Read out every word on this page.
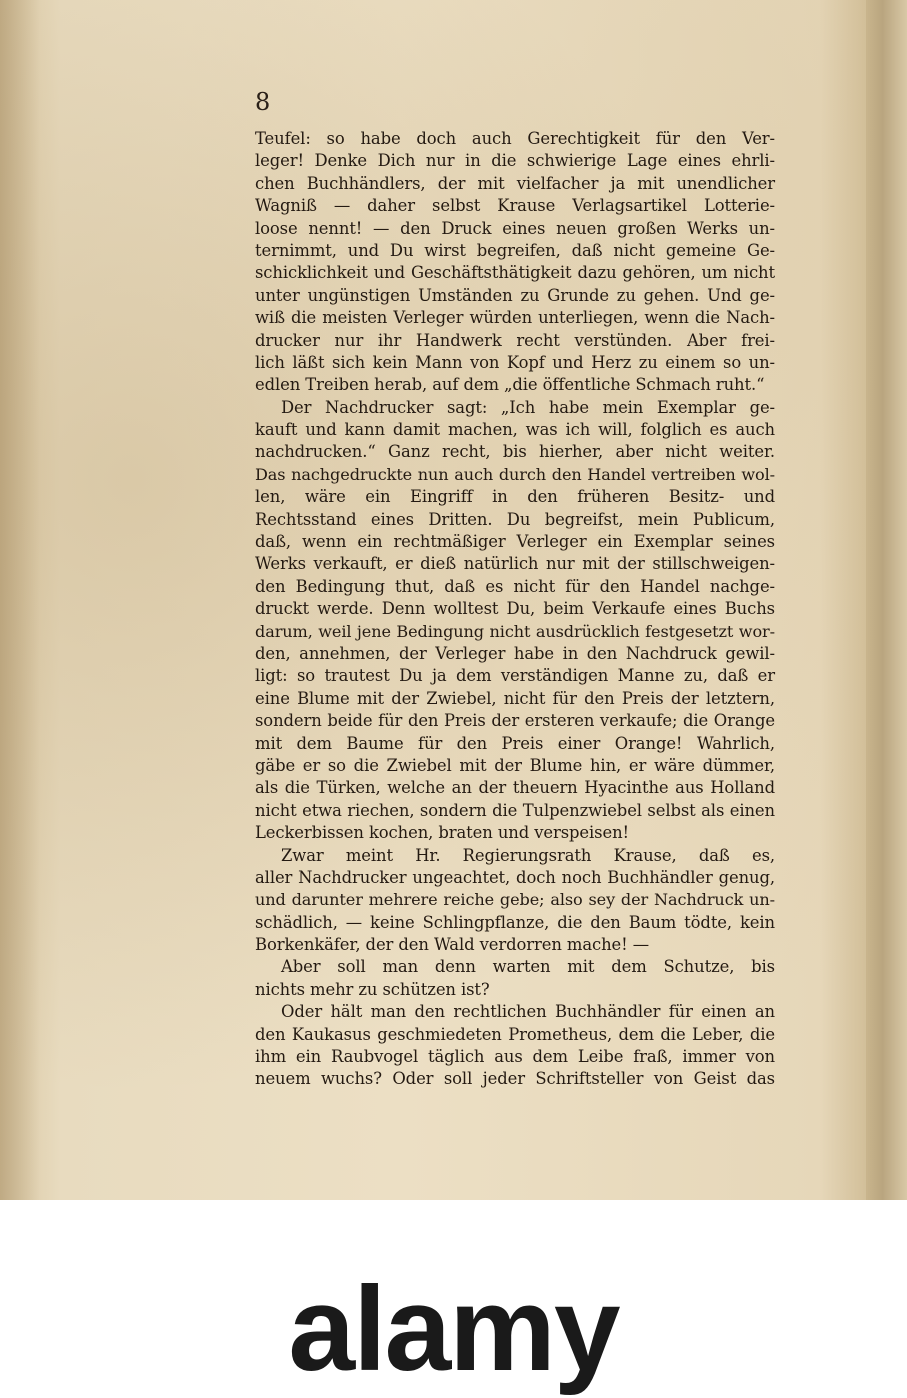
8
Teufel: so habe doch auch Gerechtigkeit für den Ver-
leger! Denke Dich nur in die schwierige Lage eines ehrli-
chen Buchhändlers, der mit vielfacher ja mit unendlicher
Wagniß — daher selbst Krause Verlagsartikel Lotterie-
loose nennt! — den Druck eines neuen großen Werks un-
ternimmt, und Du wirst begreifen, daß nicht gemeine Ge-
schicklichkeit und Geschäftsthätigkeit dazu gehören, um nicht
unter ungünstigen Umständen zu Grunde zu gehen. Und ge-
wiß die meisten Verleger würden unterliegen, wenn die Nach-
drucker nur ihr Handwerk recht verstünden. Aber frei-
lich läßt sich kein Mann von Kopf und Herz zu einem so un-
edlen Treiben herab, auf dem „die öffentliche Schmach ruht.“
Der Nachdrucker sagt: „Ich habe mein Exemplar ge-
kauft und kann damit machen, was ich will, folglich es auch
nachdrucken.“ Ganz recht, bis hierher, aber nicht weiter.
Das nachgedruckte nun auch durch den Handel vertreiben wol-
len, wäre ein Eingriff in den früheren Besitz- und
Rechtsstand eines Dritten. Du begreifst, mein Publicum,
daß, wenn ein rechtmäßiger Verleger ein Exemplar seines
Werks verkauft, er dieß natürlich nur mit der stillschweigen-
den Bedingung thut, daß es nicht für den Handel nachge-
druckt werde. Denn wolltest Du, beim Verkaufe eines Buchs
darum, weil jene Bedingung nicht ausdrücklich festgesetzt wor-
den, annehmen, der Verleger habe in den Nachdruck gewil-
ligt: so trautest Du ja dem verständigen Manne zu, daß er
eine Blume mit der Zwiebel, nicht für den Preis der letztern,
sondern beide für den Preis der ersteren verkaufe; die Orange
mit dem Baume für den Preis einer Orange! Wahrlich,
gäbe er so die Zwiebel mit der Blume hin, er wäre dümmer,
als die Türken, welche an der theuern Hyacinthe aus Holland
nicht etwa riechen, sondern die Tulpenzwiebel selbst als einen
Leckerbissen kochen, braten und verspeisen!
Zwar meint Hr. Regierungsrath Krause, daß es,
aller Nachdrucker ungeachtet, doch noch Buchhändler genug,
und darunter mehrere reiche gebe; also sey der Nachdruck un-
schädlich, — keine Schlingpflanze, die den Baum tödte, kein
Borkenkäfer, der den Wald verdorren mache! —
Aber soll man denn warten mit dem Schutze, bis
nichts mehr zu schützen ist?
Oder hält man den rechtlichen Buchhändler für einen an
den Kaukasus geschmiedeten Prometheus, dem die Leber, die
ihm ein Raubvogel täglich aus dem Leibe fraß, immer von
neuem wuchs? Oder soll jeder Schriftsteller von Geist das
alamy
